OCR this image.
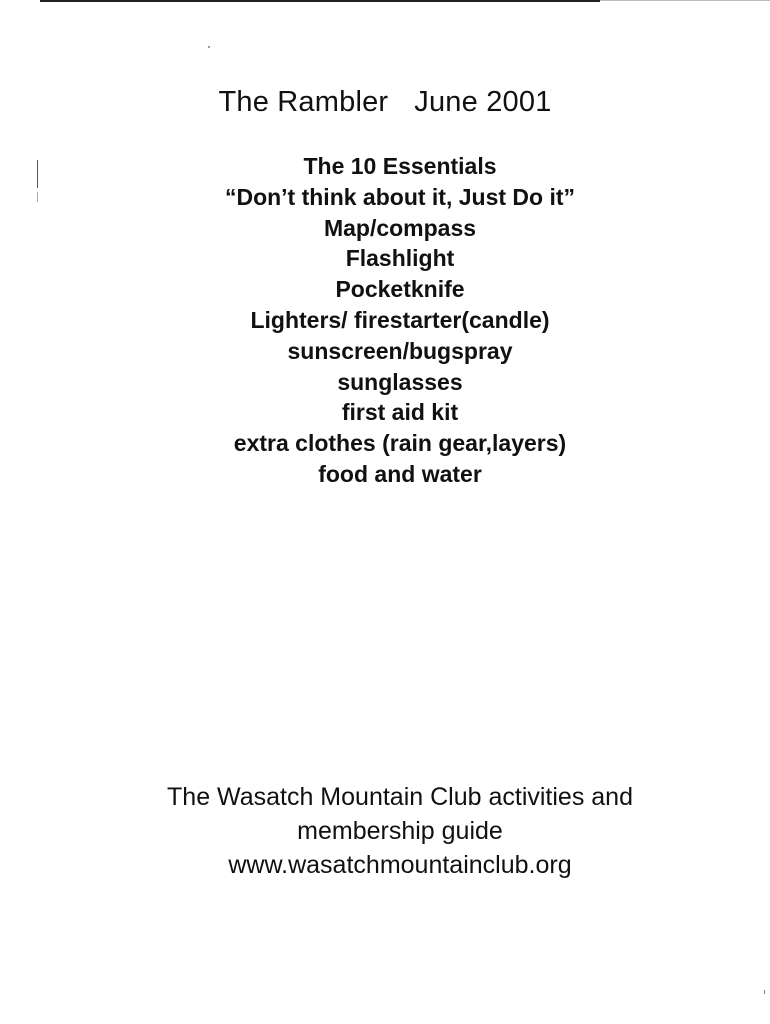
The Rambler June 2001
The 10 Essentials
“Don’t think about it, Just Do it”
Map/compass
Flashlight
Pocketknife
Lighters/ firestarter(candle)
sunscreen/bugspray
sunglasses
first aid kit
extra clothes (rain gear,layers)
food and water
The Wasatch Mountain Club activities and
membership guide
www.wasatchmountainclub.org
